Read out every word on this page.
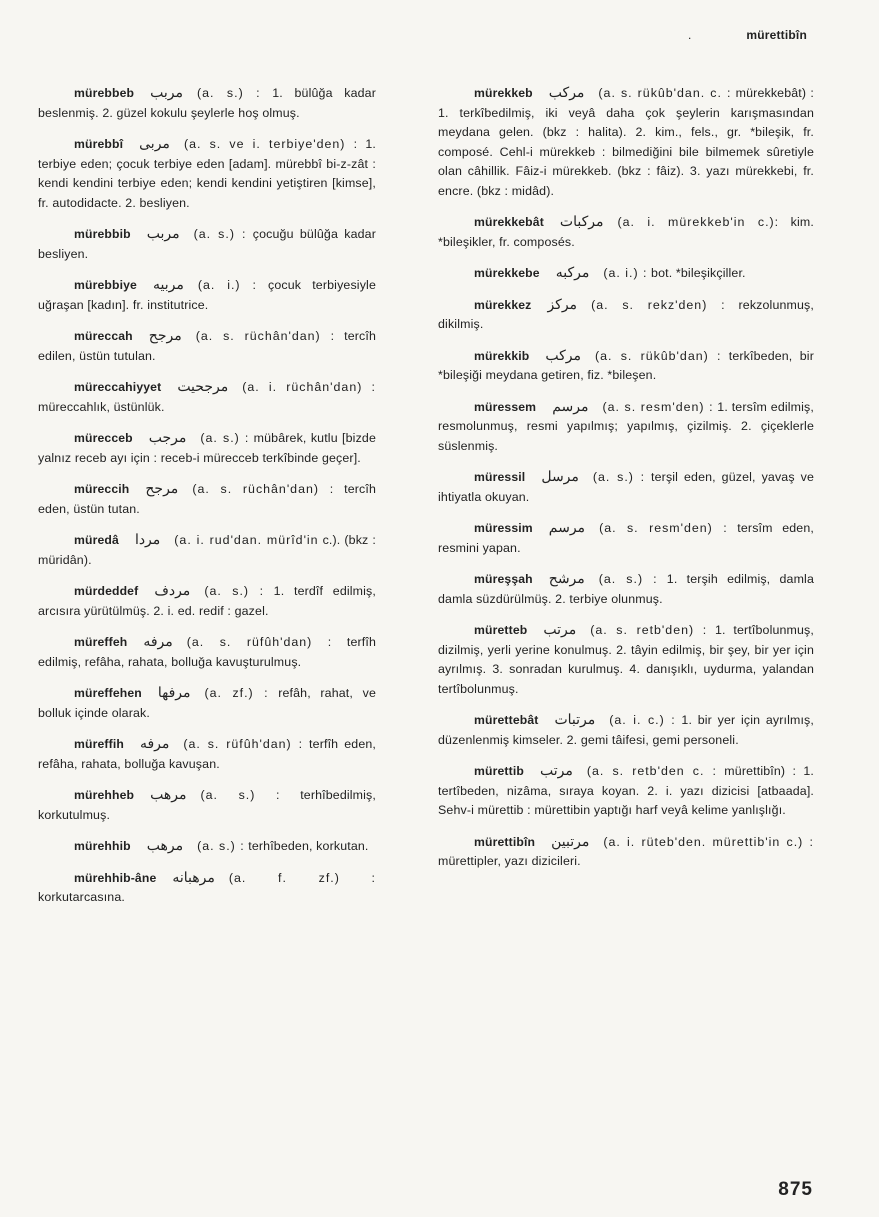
.	mürettibîn

mürebbeb مربب (a. s.) : 1. bülûğa kadar beslenmiş. 2. güzel kokulu şeylerle hoş olmuş.

mürebbî مربی (a. s. ve i. terbiye'den) : 1. terbiye eden; çocuk terbiye eden [adam]. mürebbî bi-z-zât : kendi kendini terbiye eden; kendi kendini yetiştiren [kimse], fr. autodidacte. 2. besliyen.

mürebbib مربب (a. s.) : çocuğu bülûğa kadar besliyen.

mürebbiye مربیه (a. i.) : çocuk terbiyesiyle uğraşan [kadın]. fr. institutrice.

müreccah مرجح (a. s. rüchân'dan) : tercîh edilen, üstün tutulan.

müreccahiyyet مرجحیت (a. i. rüchân'dan) : müreccahlık, üstünlük.

mürecceb مرجب (a. s.) : mübârek, kutlu [bizde yalnız receb ayı için : receb-i mürecceb terkîbinde geçer].

müreccih مرجح (a. s. rüchân'dan) : tercîh eden, üstün tutan.

müredâ مردا (a. i. rud'dan. mürîd'in c.). (bkz : müridân).

mürdeddef مردف (a. s.) : 1. terdîf edilmiş, arcısıra yürütülmüş. 2. i. ed. redif : gazel.

müreffeh مرفه (a. s. rüfûh'dan) : terfîh edilmiş, refâha, rahata, bolluğa kavuşturulmuş.

müreffehen مرفها (a. zf.) : refâh, rahat, ve bolluk içinde olarak.

müreffih مرفه (a. s. rüfûh'dan) : terfîh eden, refâha, rahata, bolluğa kavuşan.

mürehheb مرهب (a. s.) : terhîbedilmiş, korkutulmuş.

mürehhib مرهب (a. s.) : terhîbeden, korkutan.

mürehhib-âne مرهبانه (a. f. zf.) : korkutarcasına.

mürekkeb مرکب (a. s. rükûb'dan. c. : mürekkebât) : 1. terkîbedilmiş, iki veyâ daha çok şeylerin karışmasından meydana gelen. (bkz : halita). 2. kim., fels., gr. *bileşik, fr. composé. Cehl-i mürekkeb : bilmediğini bile bilmemek sûretiyle olan câhillik. Fâiz-i mürekkeb. (bkz : fâiz). 3. yazı mürekkebi, fr. encre. (bkz : midâd).

mürekkebât مرکبات (a. i. mürekkeb'in c.): kim. *bileşikler, fr. composés.

mürekkebe مرکبه (a. i.) : bot. *bileşikçiller.

mürekkez مرکز (a. s. rekz'den) : rekzolunmuş, dikilmiş.

mürekkib مرکب (a. s. rükûb'dan) : terkîbeden, bir *bileşiği meydana getiren, fiz. *bileşen.

müressem مرسم (a. s. resm'den) : 1. tersîm edilmiş, resmolunmuş, resmi yapılmış; yapılmış, çizilmiş. 2. çiçeklerle süslenmiş.

müressil مرسل (a. s.) : terşil eden, güzel, yavaş ve ihtiyatla okuyan.

müressim مرسم (a. s. resm'den) : tersîm eden, resmini yapan.

müreşşah مرشح (a. s.) : 1. terşih edilmiş, damla damla süzdürülmüş. 2. terbiye olunmuş.

müretteb مرتب (a. s. retb'den) : 1. tertîbolunmuş, dizilmiş, yerli yerine konulmuş. 2. tâyin edilmiş, bir şey, bir yer için ayrılmış. 3. sonradan kurulmuş. 4. danışıklı, uydurma, yalandan tertîbolunmuş.

mürettebât مرتبات (a. i. c.) : 1. bir yer için ayrılmış, düzenlenmiş kimseler. 2. gemi tâifesi, gemi personeli.

mürettib مرتب (a. s. retb'den c. : mürettibîn) : 1. tertîbeden, nizâma, sıraya koyan. 2. i. yazı dizicisi [atbaada]. Sehv-i mürettib : mürettibin yaptığı harf veyâ kelime yanlışlığı.

mürettibîn مرتبین (a. i. rüteb'den. mürettib'in c.) : mürettipler, yazı dizicileri.

875
